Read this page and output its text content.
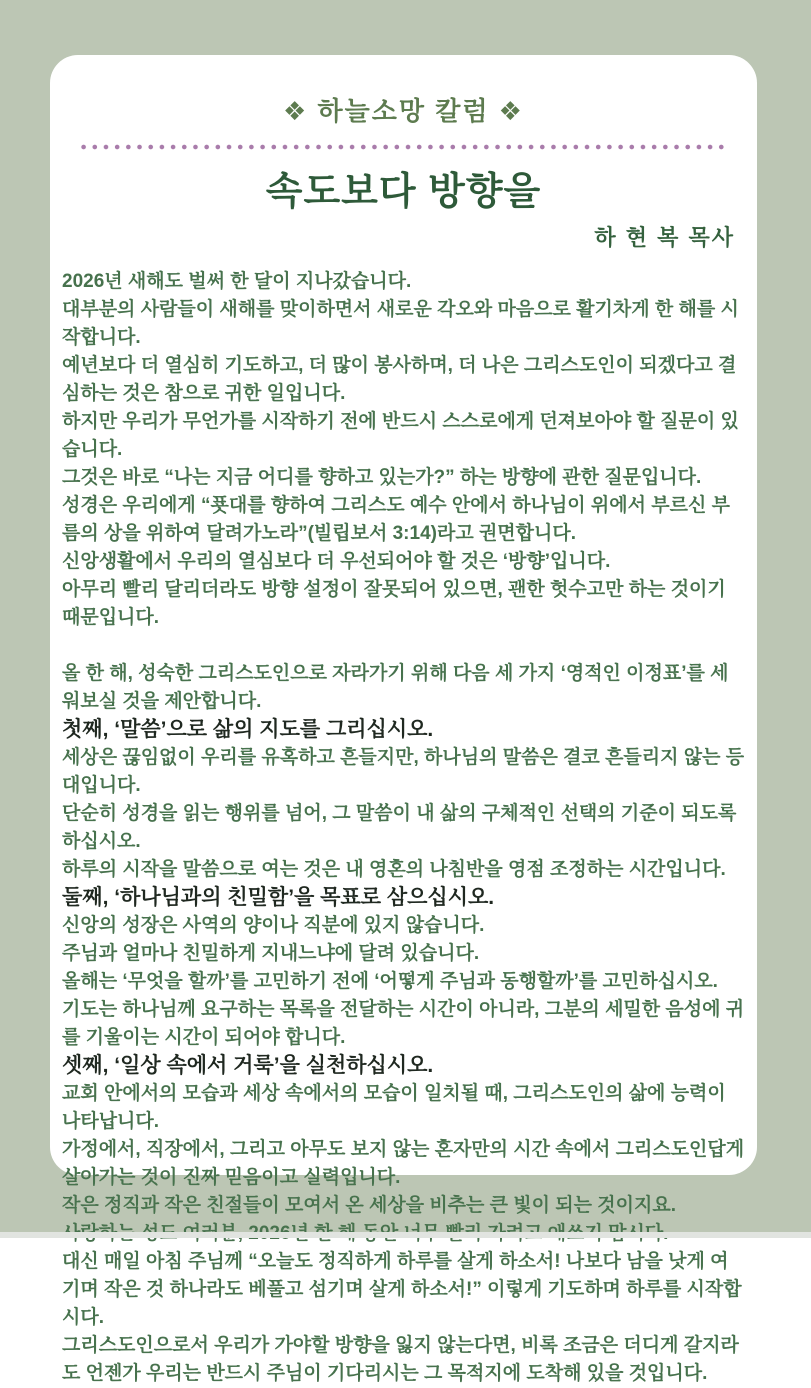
❖ 하늘소망 칼럼 ❖
속도보다 방향을
하 현 복 목사

2026년 새해도 벌써 한 달이 지나갔습니다.

대부분의 사람들이 새해를 맞이하면서 새로운 각오와 마음으로 활기차게 한 해를 시작합니다.

예년보다 더 열심히 기도하고, 더 많이 봉사하며, 더 나은 그리스도인이 되겠다고 결심하는 것은 참으로 귀한 일입니다.

하지만 우리가 무언가를 시작하기 전에 반드시 스스로에게 던져보아야 할 질문이 있습니다.

그것은 바로 “나는 지금 어디를 향하고 있는가?” 하는 방향에 관한 질문입니다.

성경은 우리에게 “푯대를 향하여 그리스도 예수 안에서 하나님이 위에서 부르신 부름의 상을 위하여 달려가노라”(빌립보서 3:14)라고 권면합니다.

신앙생활에서 우리의 열심보다 더 우선되어야 할 것은 ‘방향’입니다.

아무리 빨리 달리더라도 방향 설정이 잘못되어 있으면, 괜한 헛수고만 하는 것이기 때문입니다.

올 한 해, 성숙한 그리스도인으로 자라가기 위해 다음 세 가지 ‘영적인 이정표’를 세워보실 것을 제안합니다.

첫째, ‘말씀’으로 삶의 지도를 그리십시오.

세상은 끊임없이 우리를 유혹하고 흔들지만, 하나님의 말씀은 결코 흔들리지 않는 등대입니다.

단순히 성경을 읽는 행위를 넘어, 그 말씀이 내 삶의 구체적인 선택의 기준이 되도록 하십시오.

하루의 시작을 말씀으로 여는 것은 내 영혼의 나침반을 영점 조정하는 시간입니다.

둘째, ‘하나님과의 친밀함’을 목표로 삼으십시오.

신앙의 성장은 사역의 양이나 직분에 있지 않습니다.

주님과 얼마나 친밀하게 지내느냐에 달려 있습니다.

올해는 ‘무엇을 할까’를 고민하기 전에 ‘어떻게 주님과 동행할까’를 고민하십시오.

기도는 하나님께 요구하는 목록을 전달하는 시간이 아니라, 그분의 세밀한 음성에 귀를 기울이는 시간이 되어야 합니다.

셋째, ‘일상 속에서 거룩’을 실천하십시오.

교회 안에서의 모습과 세상 속에서의 모습이 일치될 때, 그리스도인의 삶에 능력이 나타납니다.

가정에서, 직장에서, 그리고 아무도 보지 않는 혼자만의 시간 속에서 그리스도인답게 살아가는 것이 진짜 믿음이고 실력입니다.

작은 정직과 작은 친절들이 모여서 온 세상을 비추는 큰 빛이 되는 것이지요.

대신 매일 아침 주님께 “오늘도 정직하게 하루를 살게 하소서! 나보다 남을 낫게 여기며 작은 것 하나라도 베풀고 섬기며 살게 하소서!” 이렇게 기도하며 하루를 시작합시다.

그리스도인으로서 우리가 가야할 방향을 잃지 않는다면, 비록 조금은 더디게 갈지라도 언젠가 우리는 반드시 주님이 기다리시는 그 목적지에 도착해 있을 것입니다.
